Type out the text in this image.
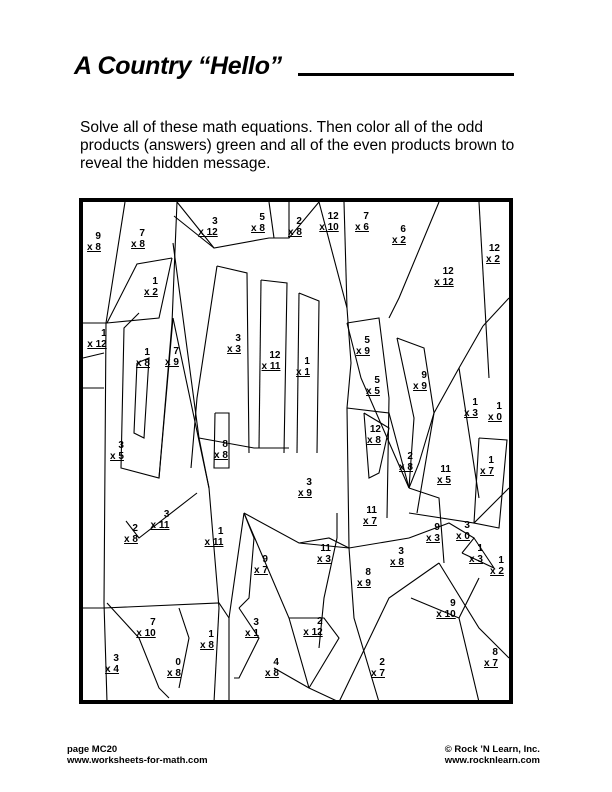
A Country “Hello”
Solve all of these math equations. Then color all of the odd products (answers) green and all of the even products brown to reveal the hidden message.
9
x 8
7
x 8
3
x 12
5
x 8
2
x 8
12
x 10
7
x 6	6
x 2
12
x 2
1
x 2
12
x 12
1
x 12
1
x 8
7
x 9
3
x 3
12
x 11	1
x 1
5
x 9
5
x 5
9
x 9
1
x 3
1
x 0
12
x 8
8
x 8
3
x 5	2
x 8
1
x 7
11
x 5
3
x 9
3
x 11
2
x 8
1
x 11
11
x 7
9
x 3
3
x 0
1
x 3	1
x 2
9
x 7
11
x 3
3
x 8
8
x 9
9
x 10
7
x 10
3
x 1
2
x 12
1
x 8
3
x 4
0
x 8
4
x 8
2
x 7
8
x 7
page MC20
www.worksheets-for-math.com
© Rock ’N Learn, Inc.
www.rocknlearn.com
